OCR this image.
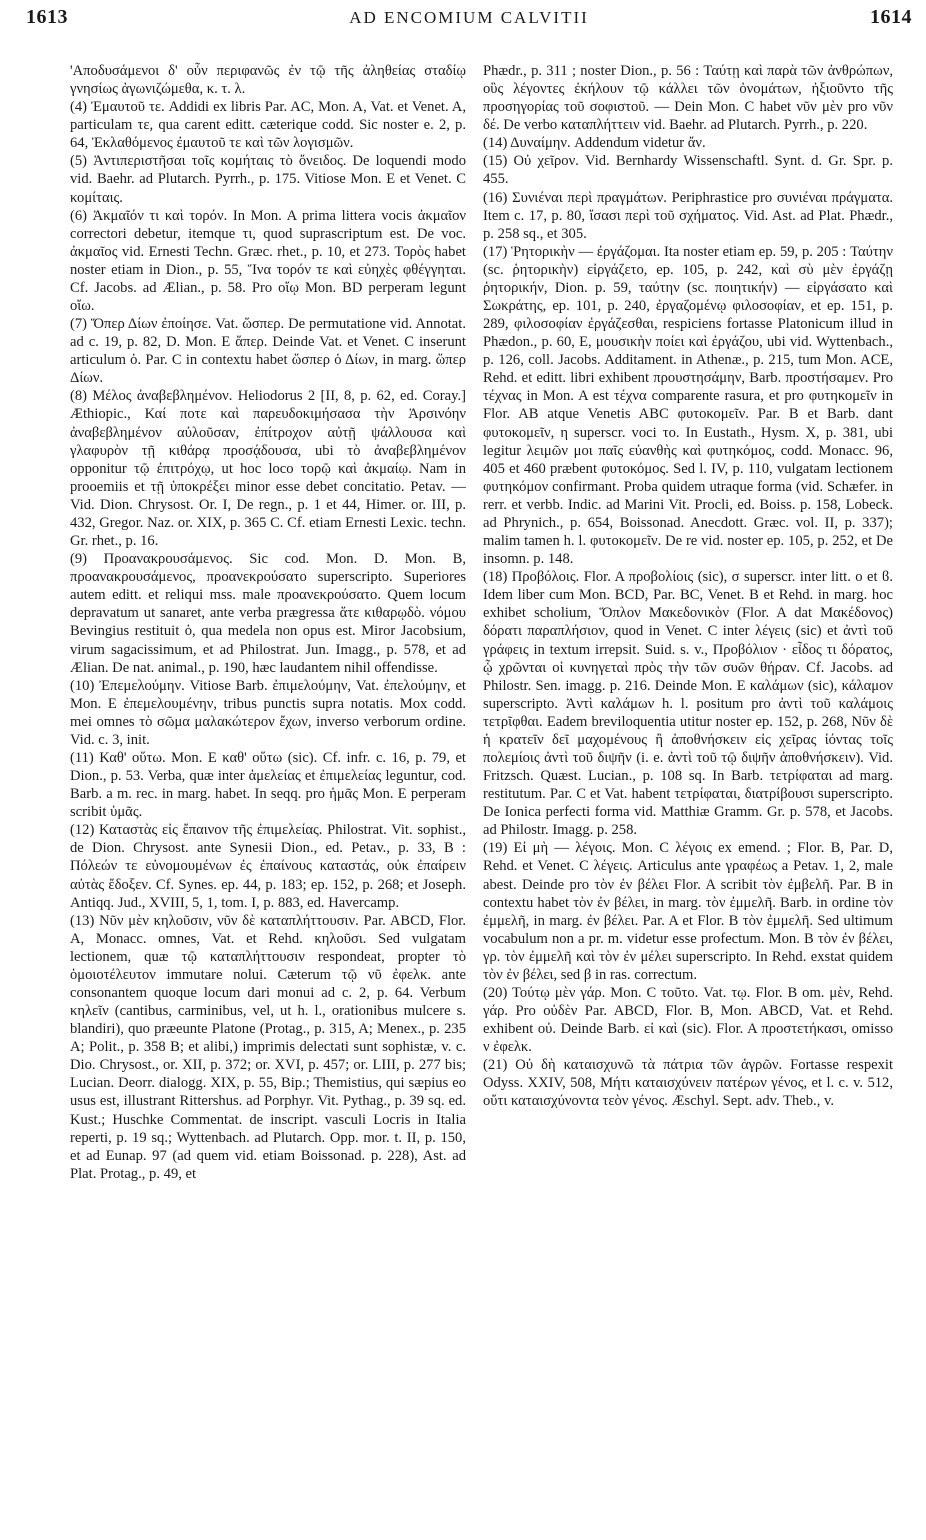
1613	AD ENCOMIUM CALVITII	1614

'Αποδυσάμενοι δ' οὖν περιφανῶς ἐν τῷ τῆς ἀληθείας σταδίῳ γνησίως ἀγωνιζώμεθα, κ. τ. λ.

(4) Ἐμαυτοῦ τε. Addidi ex libris Par. AC, Mon. A, Vat. et Venet. A, particulam τε, qua carent editt. cæterique codd. Sic noster e. 2, p. 64, Ἐκλαθόμενος ἐμαυτοῦ τε καὶ τῶν λογισμῶν.

(5) Ἀντιπεριστῆσαι τοῖς κομήταις τὸ ὄνειδος. De loquendi modo vid. Baehr. ad Plutarch. Pyrrh., p. 175. Vitiose Mon. E et Venet. C κομίταις.

(6) Ἀκμαῖόν τι καὶ τορόν. In Mon. A prima littera vocis ἀκμαῖον correctori debetur, itemque τι, quod suprascriptum est. De voc. ἀκμαῖος vid. Ernesti Techn. Græc. rhet., p. 10, et 273. Τορὸς habet noster etiam in Dion., p. 55, Ἵνα τορόν τε καὶ εὐηχὲς φθέγγηται. Cf. Jacobs. ad Ælian., p. 58. Pro οἴῳ Mon. BD perperam legunt οἴω.

(7) Ὅπερ Δίων ἐποίησε. Vat. ὥσπερ. De permutatione vid. Annotat. ad c. 19, p. 82, D. Mon. E ἅπερ. Deinde Vat. et Venet. C inserunt articulum ὁ. Par. C in contextu habet ὥσπερ ὁ Δίων, in marg. ὥπερ Δίων.

(8) Μέλος ἀναβεβλημένον. Heliodorus 2 [II, 8, p. 62, ed. Coray.] Æthiopic., Καί ποτε καὶ παρευδοκιμήσασα τὴν Ἀρσινόην ἀναβεβλημένον αὐλοῦσαν, ἐπίτροχον αὐτῇ ψάλλουσα καὶ γλαφυρὸν τῇ κιθάρᾳ προσᾴδουσα, ubi τὸ ἀναβεβλημένον opponitur τῷ ἐπιτρόχῳ, ut hoc loco τορῷ καὶ ἀκμαίῳ. Nam in prooemiis et τῇ ὑποκρέξει minor esse debet concitatio. Petav. — Vid. Dion. Chrysost. Or. I, De regn., p. 1 et 44, Himer. or. III, p. 432, Gregor. Naz. or. XIX, p. 365 C. Cf. etiam Ernesti Lexic. techn. Gr. rhet., p. 16.

(9) Προανακρουσάμενος. Sic cod. Mon. D. Mon. B, προανακρουσάμενος, προανεκρούσατο superscripto. Superiores autem editt. et reliqui mss. male προανεκρούσατο. Quem locum depravatum ut sanaret, ante verba prægressa ἅτε κιθαρῳδὸ. νόμου Bevingius restituit ὁ, qua medela non opus est. Miror Jacobsium, virum sagacissimum, et ad Philostrat. Jun. Imagg., p. 578, et ad Ælian. De nat. animal., p. 190, hæc laudantem nihil offendisse.

(10) Ἐπεμελούμην. Vitiose Barb. ἐπιμελούμην, Vat. ἐπελούμην, et Mon. E ἐπεμελουμένην, tribus punctis supra notatis. Mox codd. mei omnes τὸ σῶμα μαλακώτερον ἔχων, inverso verborum ordine. Vid. c. 3, init.

(11) Καθ' οὕτω. Mon. E καθ' οὕτω (sic). Cf. infr. c. 16, p. 79, et Dion., p. 53. Verba, quæ inter ἀμελείας et ἐπιμελείας leguntur, cod. Barb. a m. rec. in marg. habet. In seqq. pro ἡμᾶς Mon. E perperam scribit ὑμᾶς.

(12) Καταστὰς εἰς ἔπαινον τῆς ἐπιμελείας. Philostrat. Vit. sophist., de Dion. Chrysost. ante Synesii Dion., ed. Petav., p. 33, B : Πόλεών τε εὐνομουμένων ἐς ἐπαίνους καταστάς, οὐκ ἐπαίρειν αὐτὰς ἔδοξεν. Cf. Synes. ep. 44, p. 183; ep. 152, p. 268; et Joseph. Antiqq. Jud., XVIII, 5, 1, tom. I, p. 883, ed. Havercamp.

(13) Νῦν μὲν κηλοῦσιν, νῦν δὲ καταπλήττουσιν. Par. ABCD, Flor. A, Monacc. omnes, Vat. et Rehd. κηλοῦσι. Sed vulgatam lectionem, quæ τῷ καταπλήττουσιν respondeat, propter τὸ ὁμοιοτέλευτον immutare nolui. Cæterum τῷ νῦ ἐφελκ. ante consonantem quoque locum dari monui ad c. 2, p. 64. Verbum κηλεῖν (cantibus, carminibus, vel, ut h. l., orationibus mulcere s. blandiri), quo præeunte Platone (Protag., p. 315, A; Menex., p. 235 A; Polit., p. 358 B; et alibi,) imprimis delectati sunt sophistæ, v. c. Dio. Chrysost., or. XII, p. 372; or. XVI, p. 457; or. LIII, p. 277 bis; Lucian. Deorr. dialogg. XIX, p. 55, Bip.; Themistius, qui sæpius eo usus est, illustrant Rittershus. ad Porphyr. Vit. Pythag., p. 39 sq. ed. Kust.; Huschke Commentat. de inscript. vasculi Locris in Italia reperti, p. 19 sq.; Wyttenbach. ad Plutarch. Opp. mor. t. II, p. 150, et ad Eunap. 97 (ad quem vid. etiam Boissonad. p. 228), Ast. ad Plat. Protag., p. 49, et

Phædr., p. 311 ; noster Dion., p. 56 : Ταύτῃ καὶ παρὰ τῶν ἀνθρώπων, οὓς λέγοντες ἐκήλουν τῷ κάλλει τῶν ὀνομάτων, ἠξιοῦντο τῆς προσηγορίας τοῦ σοφιστοῦ. — Dein Mon. C habet νῦν μὲν pro νῦν δέ. De verbo καταπλήττειν vid. Baehr. ad Plutarch. Pyrrh., p. 220.

(14) Δυναίμην. Addendum videtur ἄν.

(15) Οὐ χεῖρον. Vid. Bernhardy Wissenschaftl. Synt. d. Gr. Spr. p. 455.

(16) Συνιέναι περὶ πραγμάτων. Periphrastice pro συνιέναι πράγματα. Item c. 17, p. 80, ἴσασι περὶ τοῦ σχήματος. Vid. Ast. ad Plat. Phædr., p. 258 sq., et 305.

(17) Ῥητορικὴν — ἐργάζομαι. Ita noster etiam ep. 59, p. 205 : Ταύτην (sc. ῥητορικὴν) εἰργάζετο, ep. 105, p. 242, καὶ σὺ μὲν ἐργάζῃ ῥητορικήν, Dion. p. 59, ταύτην (sc. ποιητικήν) — εἰργάσατο καὶ Σωκράτης, ep. 101, p. 240, ἐργαζομένῳ φιλοσοφίαν, et ep. 151, p. 289, φιλοσοφίαν ἐργάζεσθαι, respiciens fortasse Platonicum illud in Phædon., p. 60, E, μουσικὴν ποίει καὶ ἐργάζου, ubi vid. Wyttenbach., p. 126, coll. Jacobs. Additament. in Athenæ., p. 215, tum Mon. ACE, Rehd. et editt. libri exhibent προυστησάμην, Barb. προστήσαμεν. Pro τέχνας in Mon. A est τέχνα comparente rasura, et pro φυτηκομεῖν in Flor. AB atque Venetis ABC φυτοκομεῖν. Par. B et Barb. dant φυτοκομεῖν, η superscr. voci το. In Eustath., Hysm. X, p. 381, ubi legitur λειμῶν μοι παῖς εὐανθὴς καὶ φυτηκόμος, codd. Monacc. 96, 405 et 460 præbent φυτοκόμος. Sed l. IV, p. 110, vulgatam lectionem φυτηκόμον confirmant. Proba quidem utraque forma (vid. Schæfer. in rerr. et verbb. Indic. ad Marini Vit. Procli, ed. Boiss. p. 158, Lobeck. ad Phrynich., p. 654, Boissonad. Anecdott. Græc. vol. II, p. 337); malim tamen h. l. φυτοκομεῖν. De re vid. noster ep. 105, p. 252, et De insomn. p. 148.

(18) Προβόλοις. Flor. A προβολίοις (sic), σ superscr. inter litt. ο et ϐ. Idem liber cum Mon. BCD, Par. BC, Venet. B et Rehd. in marg. hoc exhibet scholium, Ὅπλον Μακεδονικὸν (Flor. A dat Μακέδονος) δόρατι παραπλήσιον, quod in Venet. C inter λέγεις (sic) et ἀντὶ τοῦ γράφεις in textum irrepsit. Suid. s. v., Προβόλιον · εἶδος τι δόρατος, ᾧ χρῶνται οἱ κυνηγεταὶ πρὸς τὴν τῶν συῶν θήραν. Cf. Jacobs. ad Philostr. Sen. imagg. p. 216. Deinde Mon. E καλάμων (sic), κάλαμον superscripto. Ἀντὶ καλάμων h. l. positum pro ἀντὶ τοῦ καλάμοις τετρῖφθαι. Eadem breviloquentia utitur noster ep. 152, p. 268, Νῦν δὲ ἡ κρατεῖν δεῖ μαχομένους ἢ ἀποθνήσκειν εἰς χεῖρας ἰόντας τοῖς πολεμίοις ἀντὶ τοῦ διψῆν (i. e. ἀντὶ τοῦ τῷ διψῆν ἀποθνήσκειν). Vid. Fritzsch. Quæst. Lucian., p. 108 sq. In Barb. τετρίφαται ad marg. restitutum. Par. C et Vat. habent τετρίφαται, διατρίβουσι superscripto. De Ionica perfecti forma vid. Matthiæ Gramm. Gr. p. 578, et Jacobs. ad Philostr. Imagg. p. 258.

(19) Εἰ μὴ — λέγοις. Mon. C λέγοις ex emend. ; Flor. B, Par. D, Rehd. et Venet. C λέγεις. Articulus ante γραφέως a Petav. 1, 2, male abest. Deinde pro τὸν ἐν βέλει Flor. A scribit τὸν ἐμβελῆ. Par. B in contextu habet τὸν ἐν βέλει, in marg. τὸν ἐμμελῆ. Barb. in ordine τὸν ἐμμελῆ, in marg. ἐν βέλει. Par. A et Flor. B τὸν ἐμμελῆ. Sed ultimum vocabulum non a pr. m. videtur esse profectum. Mon. B τὸν ἐν βέλει, γρ. τὸν ἐμμελῆ καὶ τὸν ἐν μέλει superscripto. In Rehd. exstat quidem τὸν ἐν βέλει, sed β in ras. correctum.

(20) Τούτῳ μὲν γάρ. Mon. C τοῦτο. Vat. τῳ. Flor. B om. μὲν, Rehd. γάρ. Pro οὐδὲν Par. ABCD, Flor. B, Mon. ABCD, Vat. et Rehd. exhibent οὐ. Deinde Barb. εἰ καὶ (sic). Flor. A προστετήκασι, omisso ν ἐφελκ.

(21) Οὐ δὴ καταισχυνῶ τὰ πάτρια τῶν ἀγρῶν. Fortasse respexit Odyss. XXIV, 508, Μήτι καταισχύνειν πατέρων γένος, et l. c. v. 512, οὔτι καταισχύνοντα τεὸν γένος. Æschyl. Sept. adv. Theb., v.
